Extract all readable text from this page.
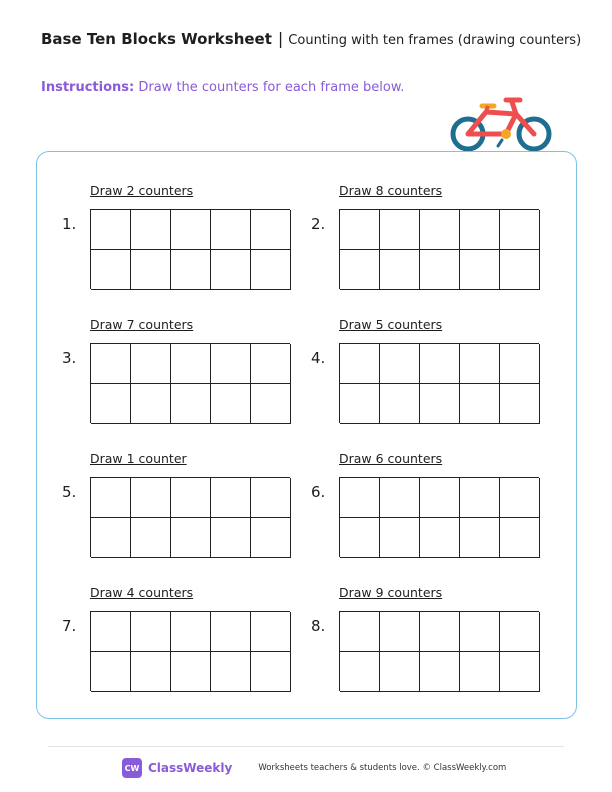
Base Ten Blocks Worksheet | Counting with ten frames (drawing counters)
Instructions: Draw the counters for each frame below.
Draw 2 counters
1.
Draw 8 counters
2.
Draw 7 counters
3.
Draw 5 counters
4.
Draw 1 counter
5.
Draw 6 counters
6.
Draw 4 counters
7.
Draw 9 counters
8.
CW ClassWeekly	Worksheets teachers & students love. © ClassWeekly.com
